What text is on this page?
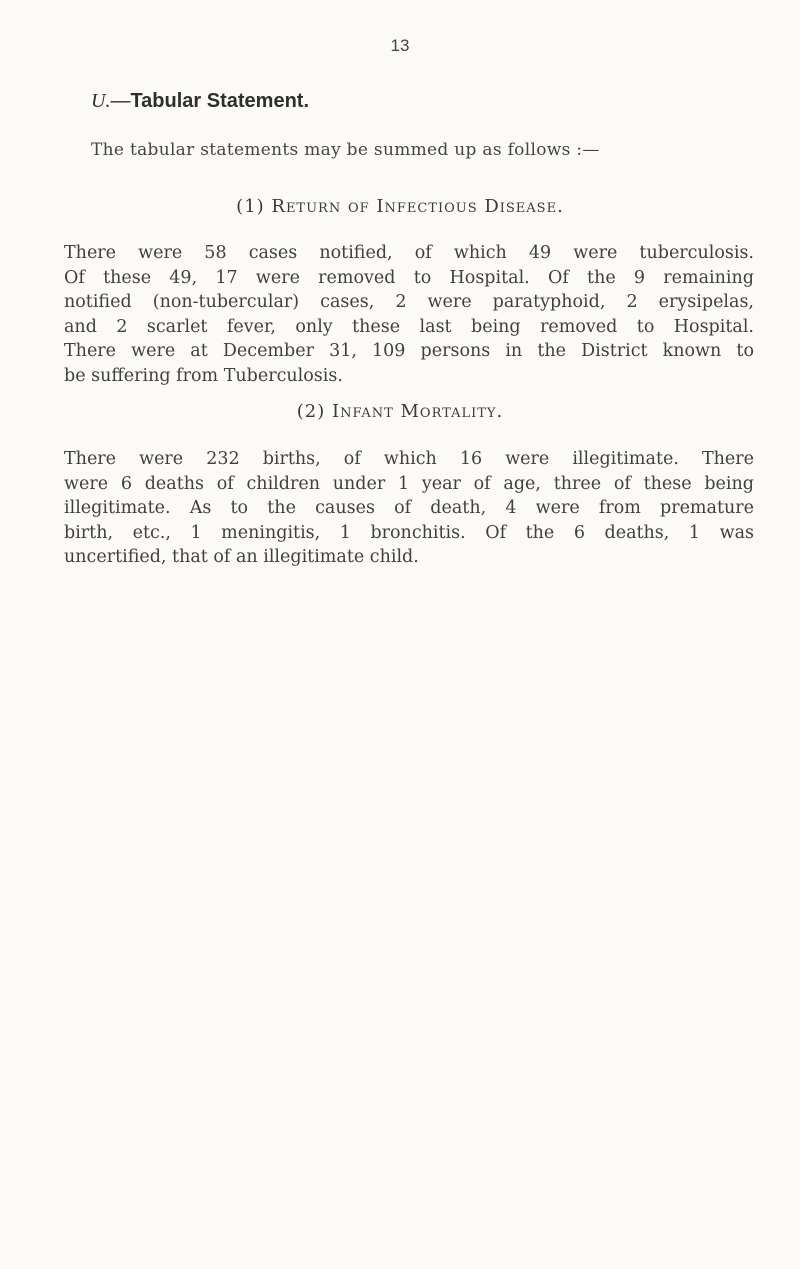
13
U.—Tabular Statement.
The tabular statements may be summed up as follows :—
(1) Return of Infectious Disease.
There were 58 cases notified, of which 49 were tuberculosis.
Of these 49, 17 were removed to Hospital. Of the 9 remaining
notified (non-tubercular) cases, 2 were paratyphoid, 2 erysipelas,
and 2 scarlet fever, only these last being removed to Hospital.
There were at December 31, 109 persons in the District known to
be suffering from Tuberculosis.
(2) Infant Mortality.
There were 232 births, of which 16 were illegitimate. There
were 6 deaths of children under 1 year of age, three of these being
illegitimate. As to the causes of death, 4 were from premature
birth, etc., 1 meningitis, 1 bronchitis. Of the 6 deaths, 1 was
uncertified, that of an illegitimate child.
